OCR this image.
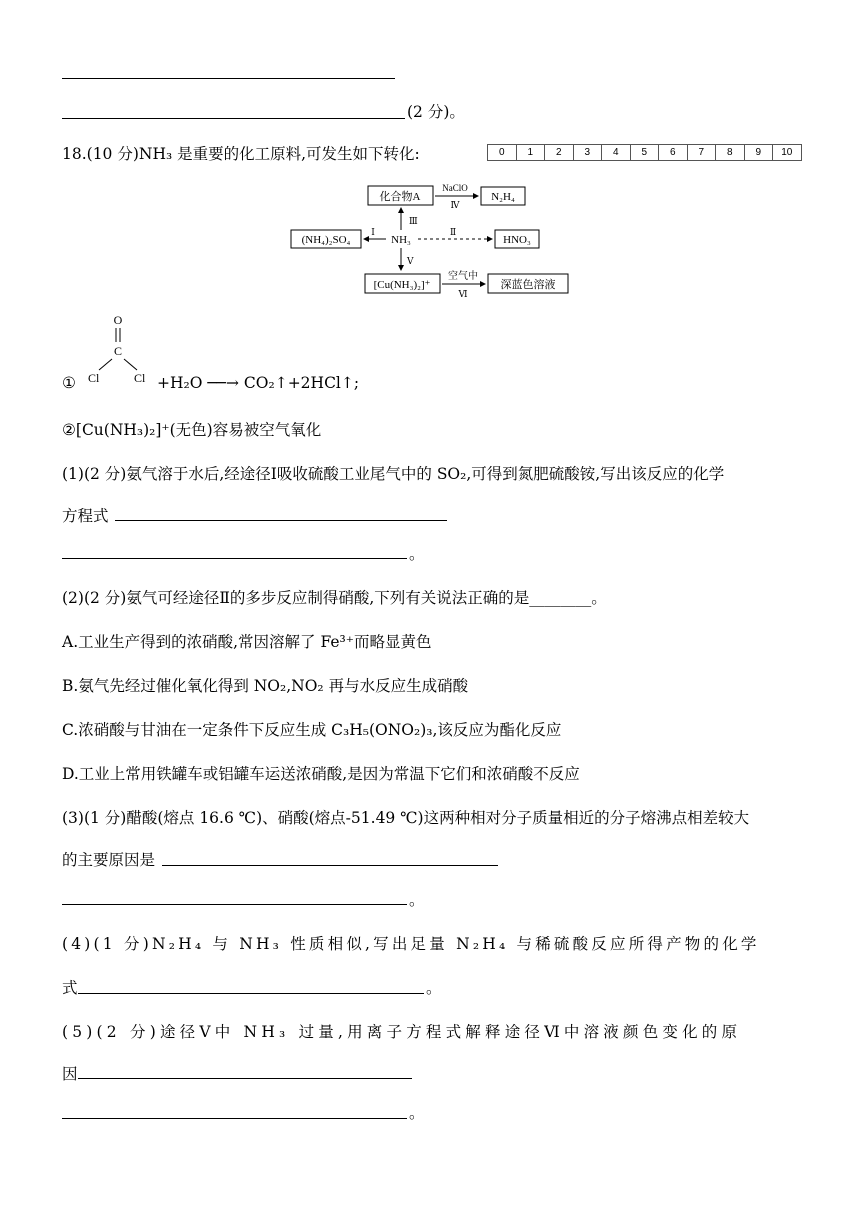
(2 分)。
18.(10 分)NH₃ 是重要的化工原料,可发生如下转化:	0	1	2	3	4	5	6	7	8	9	10
化合物A
NaClO
Ⅳ
N₂H₄
Ⅲ
(NH₄)₂SO₄
Ⅰ
NH₃
Ⅱ
HNO₃
Ⅴ
[Cu(NH₃)₂]⁺
空气中
Ⅵ
深蓝色溶液
①
O
C
Cl	Cl +H₂O ──→ CO₂↑+2HCl↑;
②[Cu(NH₃)₂]⁺(无色)容易被空气氧化
(1)(2 分)氨气溶于水后,经途径Ⅰ吸收硫酸工业尾气中的 SO₂,可得到氮肥硫酸铵,写出该反应的化学
方程式
。
(2)(2 分)氨气可经途径Ⅱ的多步反应制得硝酸,下列有关说法正确的是________。
A.工业生产得到的浓硝酸,常因溶解了 Fe³⁺而略显黄色
B.氨气先经过催化氧化得到 NO₂,NO₂ 再与水反应生成硝酸
C.浓硝酸与甘油在一定条件下反应生成 C₃H₅(ONO₂)₃,该反应为酯化反应
D.工业上常用铁罐车或铝罐车运送浓硝酸,是因为常温下它们和浓硝酸不反应
(3)(1 分)醋酸(熔点 16.6 ℃)、硝酸(熔点-51.49 ℃)这两种相对分子质量相近的分子熔沸点相差较大
的主要原因是
。
(4)(1 分)N₂H₄ 与 NH₃ 性质相似,写出足量 N₂H₄ 与稀硫酸反应所得产物的化学
式	。
(5)(2 分)途径Ⅴ中 NH₃ 过量,用离子方程式解释途径Ⅵ中溶液颜色变化的原
因
。
